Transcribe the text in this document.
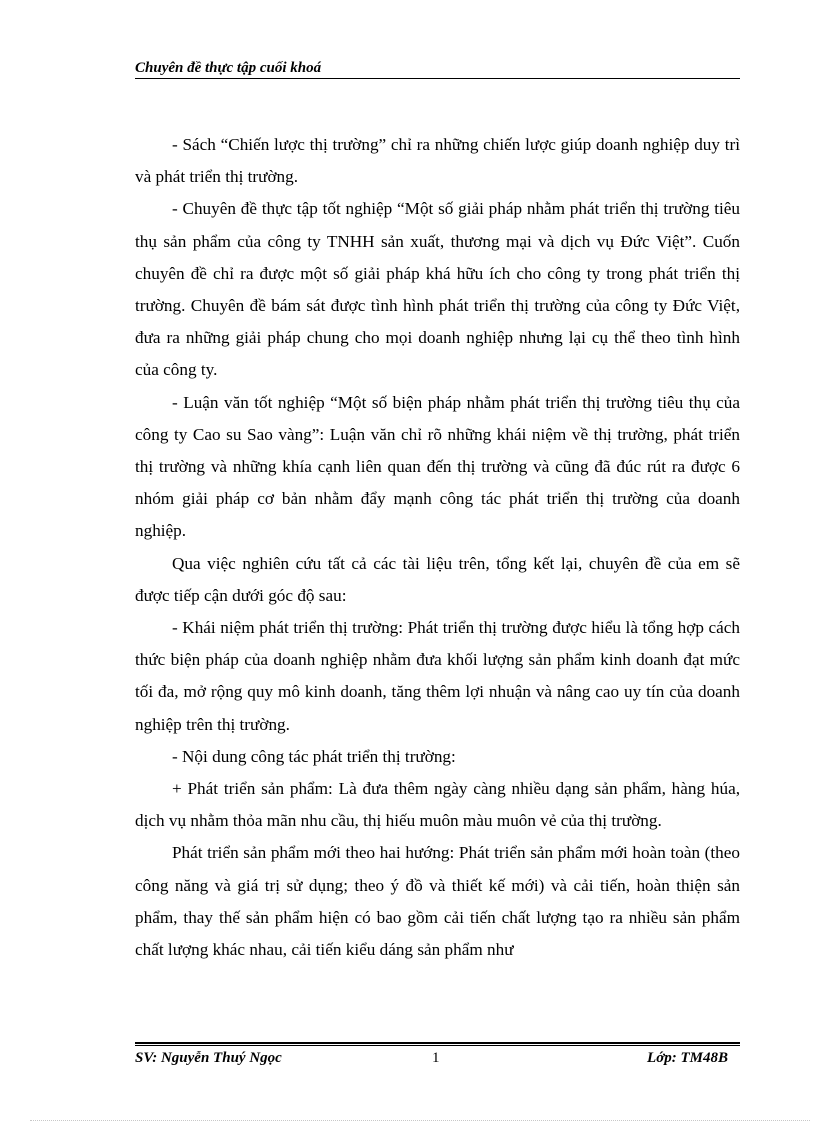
Chuyên đề thực tập cuối khoá

- Sách “Chiến lược thị trường” chỉ ra những chiến lược giúp doanh nghiệp duy trì và phát triển thị trường.

- Chuyên đề thực tập tốt nghiệp “Một số giải pháp nhằm phát triển thị trường tiêu thụ sản phẩm của công ty TNHH sản xuất, thương mại và dịch vụ Đức Việt”. Cuốn chuyên đề chỉ ra được một số giải pháp khá hữu ích cho công ty trong phát triển thị trường. Chuyên đề bám sát được tình hình phát triển thị trường của công ty Đức Việt, đưa ra những giải pháp chung cho mọi doanh nghiệp nhưng lại cụ thể theo tình hình của công ty.

- Luận văn tốt nghiệp “Một số biện pháp nhằm phát triển thị trường tiêu thụ của công ty Cao su Sao vàng”: Luận văn chỉ rõ những khái niệm về thị trường, phát triển thị trường và những khía cạnh liên quan đến thị trường và cũng đã đúc rút ra được 6 nhóm giải pháp cơ bản nhằm đẩy mạnh công tác phát triển thị trường của doanh nghiệp.

Qua việc nghiên cứu tất cả các tài liệu trên, tổng kết lại, chuyên đề của em sẽ được tiếp cận dưới góc độ sau:

- Khái niệm phát triển thị trường: Phát triển thị trường được hiểu là tổng hợp cách thức biện pháp của doanh nghiệp nhằm đưa khối lượng sản phẩm kinh doanh đạt mức tối đa, mở rộng quy mô kinh doanh, tăng thêm lợi nhuận và nâng cao uy tín của doanh nghiệp trên thị trường.

- Nội dung công tác phát triển thị trường:

+ Phát triển sản phẩm: Là đưa thêm ngày càng nhiều dạng sản phẩm, hàng húa, dịch vụ nhằm thỏa mãn nhu cầu, thị hiếu muôn màu muôn vẻ của thị trường.

Phát triển sản phẩm mới theo hai hướng: Phát triển sản phẩm mới hoàn toàn (theo công năng và giá trị sử dụng; theo ý đồ và thiết kế mới) và cải tiến, hoàn thiện sản phẩm, thay thế sản phẩm hiện có bao gồm cải tiến chất lượng tạo ra nhiều sản phẩm chất lượng khác nhau, cải tiến kiểu dáng sản phẩm như

SV: Nguyễn Thuý Ngọc	1	Lớp: TM48B
